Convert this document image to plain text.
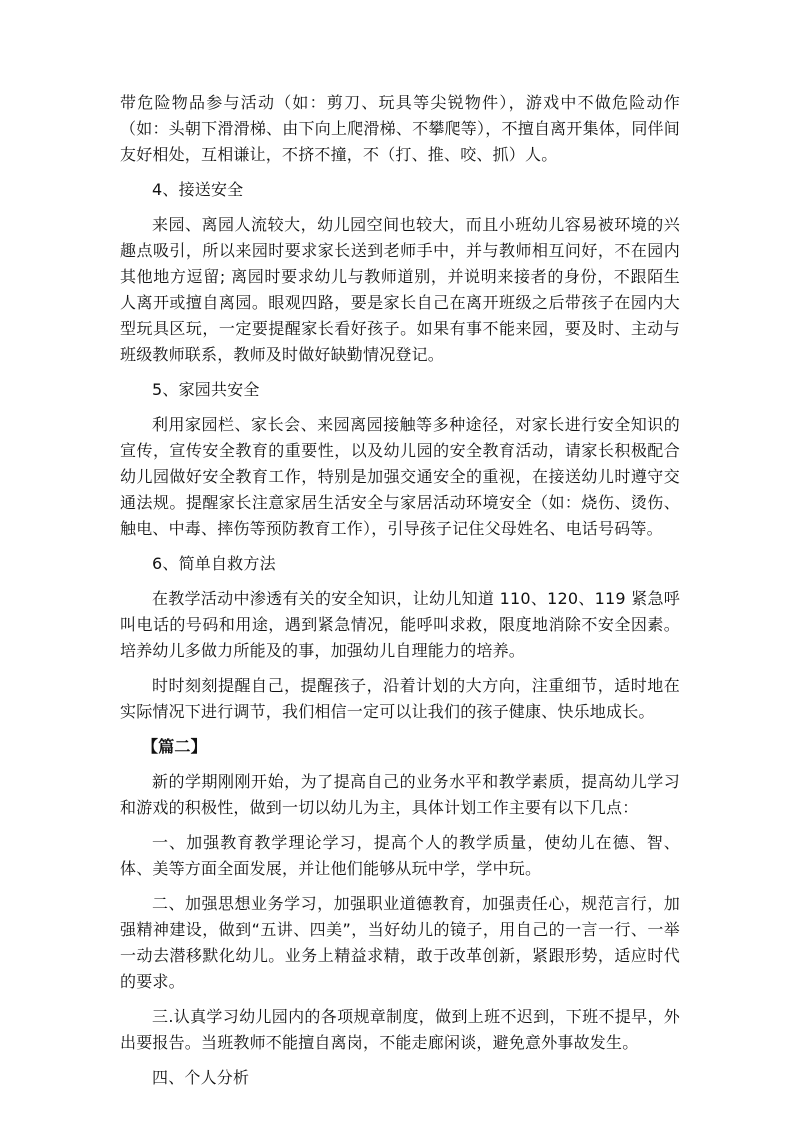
带危险物品参与活动（如：剪刀、玩具等尖锐物件），游戏中不做危险动作（如：头朝下滑滑梯、由下向上爬滑梯、不攀爬等），不擅自离开集体，同伴间友好相处，互相谦让，不挤不撞，不（打、推、咬、抓）人。

4、接送安全

来园、离园人流较大，幼儿园空间也较大，而且小班幼儿容易被环境的兴趣点吸引，所以来园时要求家长送到老师手中，并与教师相互问好，不在园内其他地方逗留; 离园时要求幼儿与教师道别，并说明来接者的身份，不跟陌生人离开或擅自离园。眼观四路，要是家长自己在离开班级之后带孩子在园内大型玩具区玩，一定要提醒家长看好孩子。如果有事不能来园，要及时、主动与班级教师联系，教师及时做好缺勤情况登记。

5、家园共安全

利用家园栏、家长会、来园离园接触等多种途径，对家长进行安全知识的宣传，宣传安全教育的重要性，以及幼儿园的安全教育活动，请家长积极配合幼儿园做好安全教育工作，特别是加强交通安全的重视，在接送幼儿时遵守交通法规。提醒家长注意家居生活安全与家居活动环境安全（如：烧伤、烫伤、触电、中毒、摔伤等预防教育工作），引导孩子记住父母姓名、电话号码等。

6、简单自救方法

在教学活动中渗透有关的安全知识，让幼儿知道 110、120、119 紧急呼叫电话的号码和用途，遇到紧急情况，能呼叫求救，限度地消除不安全因素。培养幼儿多做力所能及的事，加强幼儿自理能力的培养。

时时刻刻提醒自己，提醒孩子，沿着计划的大方向，注重细节，适时地在实际情况下进行调节，我们相信一定可以让我们的孩子健康、快乐地成长。

【篇二】

新的学期刚刚开始，为了提高自己的业务水平和教学素质，提高幼儿学习和游戏的积极性，做到一切以幼儿为主，具体计划工作主要有以下几点：

一、加强教育教学理论学习，提高个人的教学质量，使幼儿在德、智、体、美等方面全面发展，并让他们能够从玩中学，学中玩。

二、加强思想业务学习，加强职业道德教育，加强责任心，规范言行，加强精神建设，做到“五讲、四美”，当好幼儿的镜子，用自己的一言一行、一举一动去潜移默化幼儿。业务上精益求精，敢于改革创新，紧跟形势，适应时代的要求。

三.认真学习幼儿园内的各项规章制度，做到上班不迟到，下班不提早，外出要报告。当班教师不能擅自离岗，不能走廊闲谈，避免意外事故发生。

四、个人分析
